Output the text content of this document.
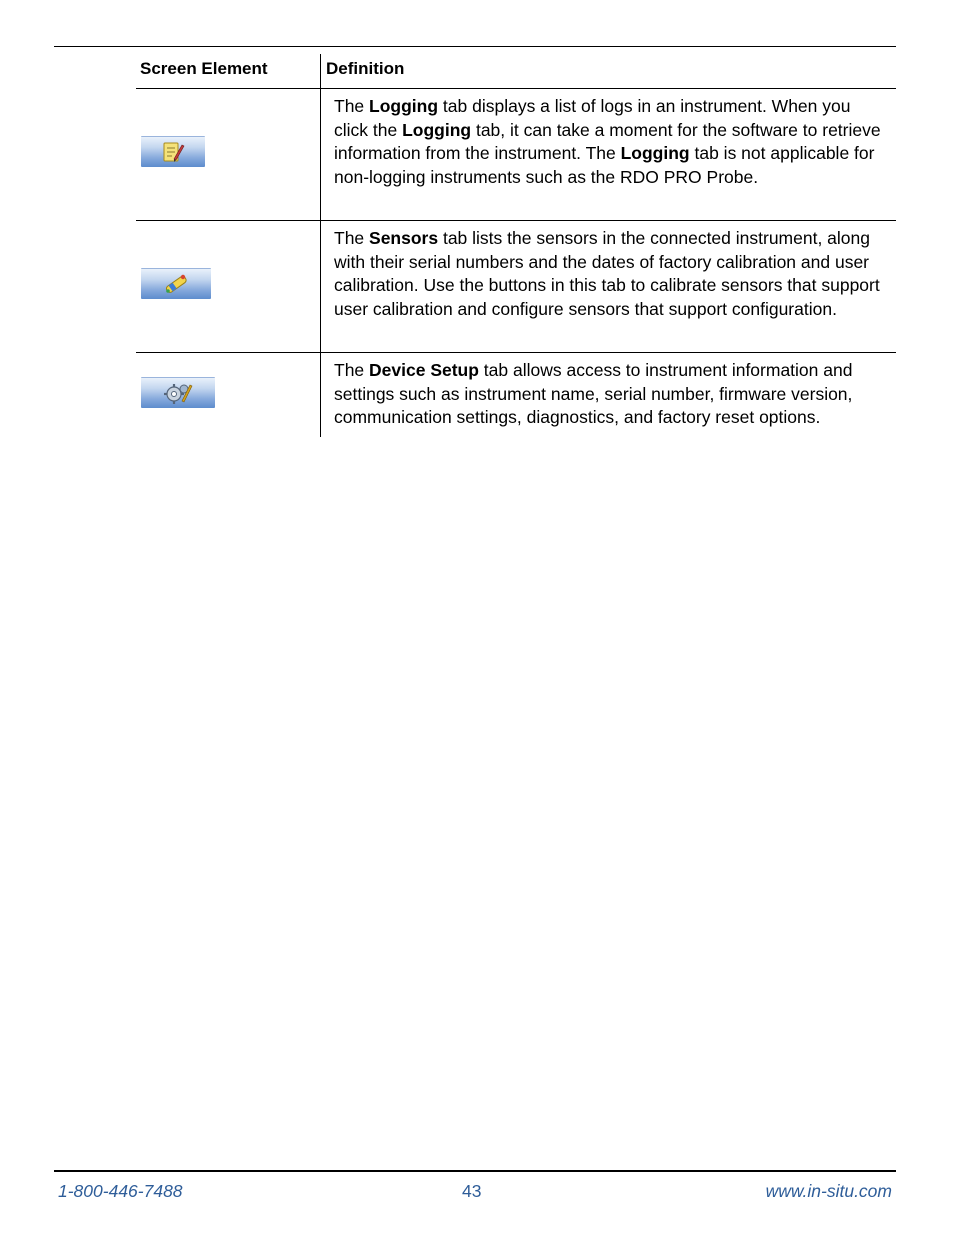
Screen Element	Definition
The Logging tab displays a list of logs in an instrument. When you click the Logging tab, it can take a moment for the software to retrieve information from the instrument. The Logging tab is not applicable for non-logging instruments such as the RDO PRO Probe.
The Sensors tab lists the sensors in the connected instrument, along with their serial numbers and the dates of factory calibration and user calibration. Use the buttons in this tab to calibrate sensors that support user calibration and configure sensors that support configuration.
The Device Setup tab allows access to instrument information and settings such as instrument name, serial number, firmware version, communication settings, diagnostics, and factory reset options.
1-800-446-7488	43	www.in-situ.com
